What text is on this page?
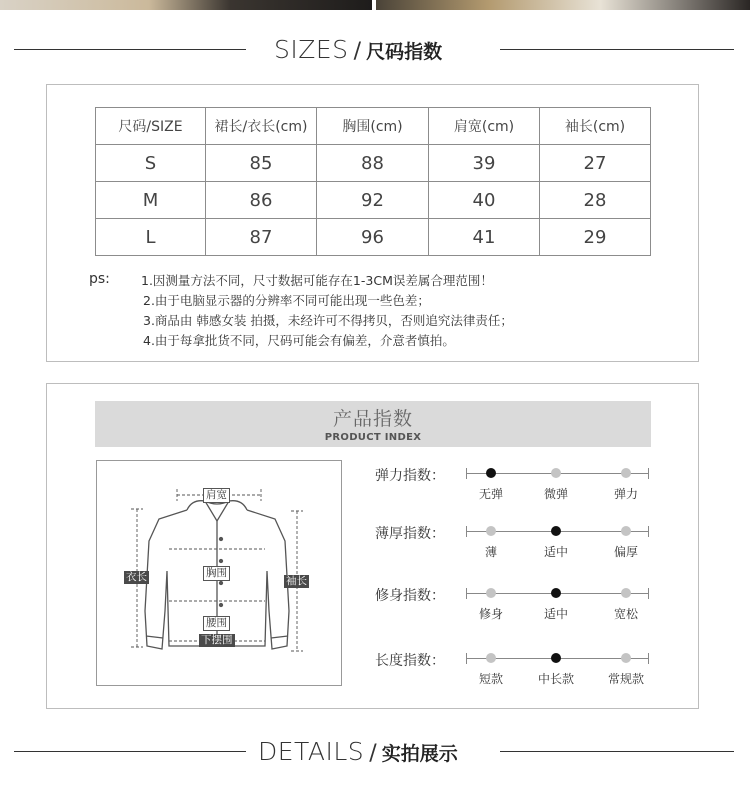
SIZES / 尺码指数
尺码/SIZE	裙长/衣长(cm)	胸围(cm)	肩宽(cm)	袖长(cm)
S	85	88	39	27
M	86	92	40	28
L	87	96	41	29
ps: 1.因测量方法不同，尺寸数据可能存在1-3CM误差属合理范围！
2.由于电脑显示器的分辨率不同可能出现一些色差；
3.商品由 韩感女装 拍摄，未经许可不得拷贝，否则追究法律责任；
4.由于每拿批货不同，尺码可能会有偏差，介意者慎拍。
产品指数
PRODUCT INDEX
肩宽
衣长	胸围
袖长
腰围
下摆围
弹力指数：
无弹	微弹	弹力
薄厚指数：
薄	适中	偏厚
修身指数：
修身	适中	宽松
长度指数：
短款	中长款	常规款
DETAILS / 实拍展示
